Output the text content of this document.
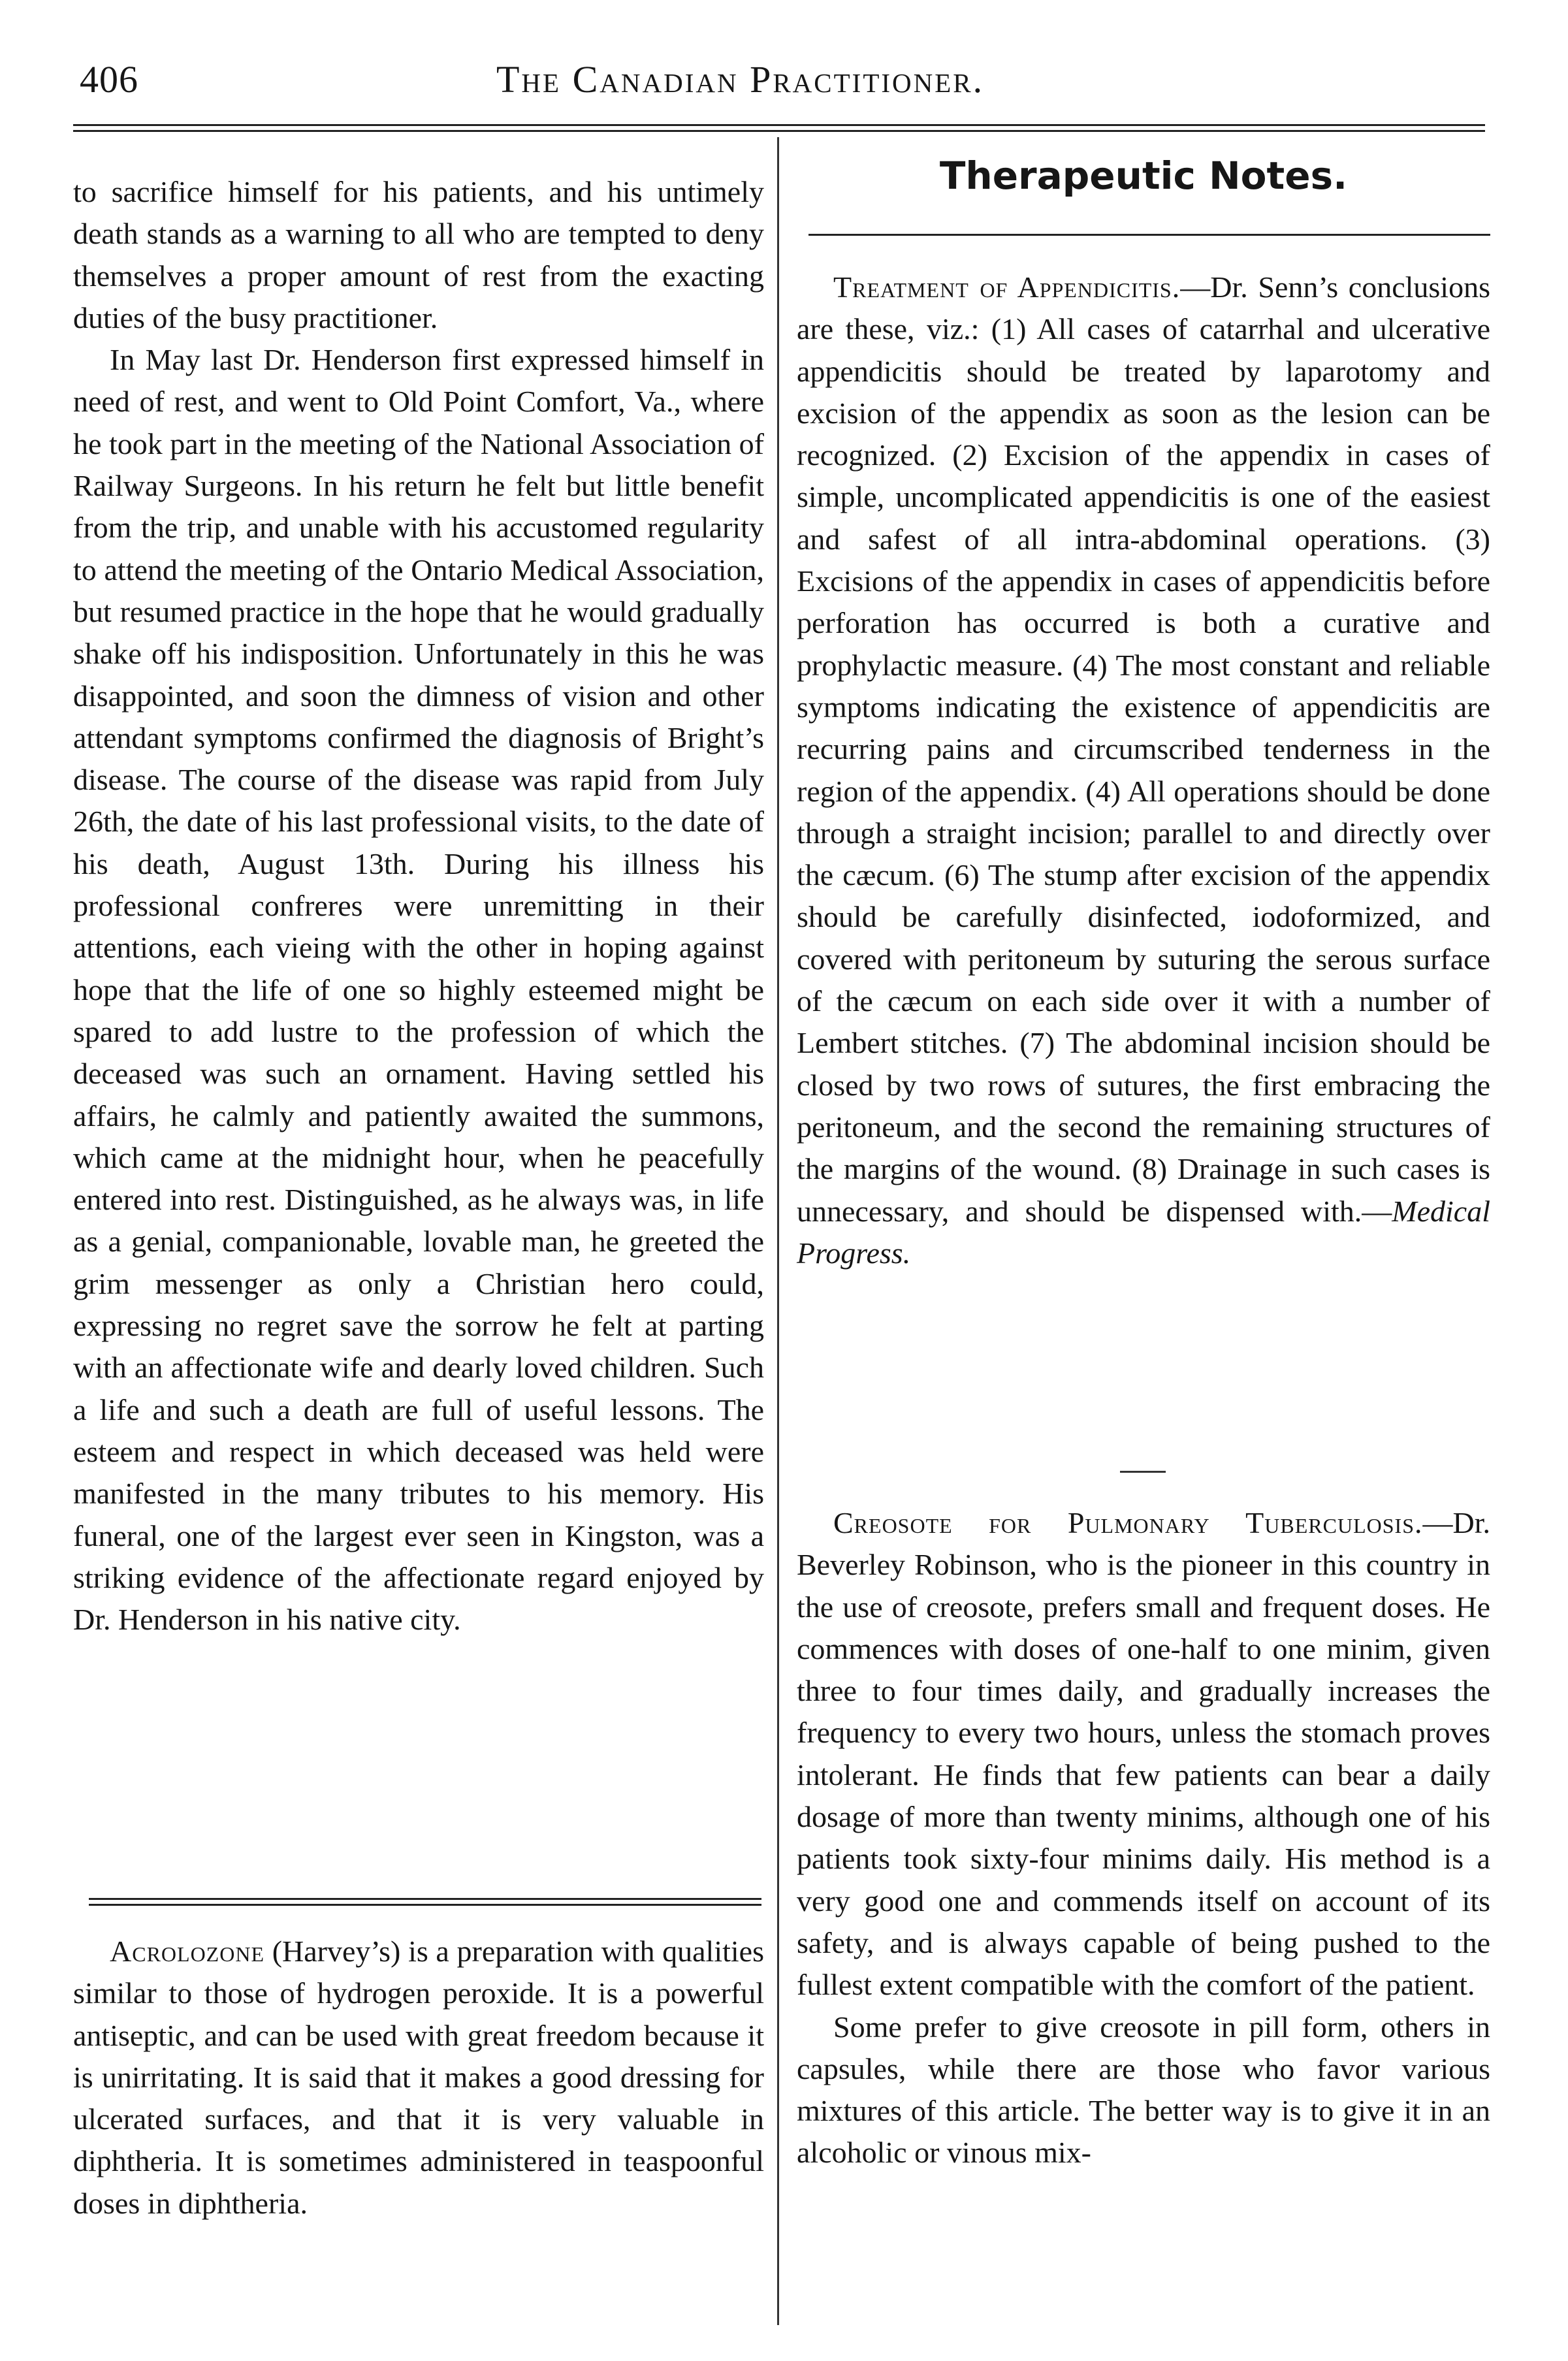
406	The Canadian Practitioner.

to sacrifice himself for his patients, and his untimely death stands as a warning to all who are tempted to deny themselves a proper amount of rest from the exacting duties of the busy practitioner.

In May last Dr. Henderson first expressed himself in need of rest, and went to Old Point Comfort, Va., where he took part in the meeting of the National Association of Railway Surgeons. In his return he felt but little benefit from the trip, and unable with his accustomed regularity to attend the meeting of the Ontario Medical Association, but resumed practice in the hope that he would gradually shake off his indisposition. Unfortunately in this he was disappointed, and soon the dimness of vision and other attendant symptoms confirmed the diagnosis of Bright’s disease. The course of the disease was rapid from July 26th, the date of his last professional visits, to the date of his death, August 13th. During his illness his professional confreres were unremitting in their attentions, each vieing with the other in hoping against hope that the life of one so highly esteemed might be spared to add lustre to the profession of which the deceased was such an ornament. Having settled his affairs, he calmly and patiently awaited the summons, which came at the midnight hour, when he peacefully entered into rest. Distinguished, as he always was, in life as a genial, companionable, lovable man, he greeted the grim messenger as only a Christian hero could, expressing no regret save the sorrow he felt at parting with an affectionate wife and dearly loved children. Such a life and such a death are full of useful lessons. The esteem and respect in which deceased was held were manifested in the many tributes to his memory. His funeral, one of the largest ever seen in Kingston, was a striking evidence of the affectionate regard enjoyed by Dr. Henderson in his native city.

Acrolozone (Harvey’s) is a preparation with qualities similar to those of hydrogen peroxide. It is a powerful antiseptic, and can be used with great freedom because it is unirritating. It is said that it makes a good dressing for ulcerated surfaces, and that it is very valuable in diphtheria. It is sometimes administered in teaspoonful doses in diphtheria.

Therapeutic Notes.

Treatment of Appendicitis.—Dr. Senn’s conclusions are these, viz.: (1) All cases of catarrhal and ulcerative appendicitis should be treated by laparotomy and excision of the appendix as soon as the lesion can be recognized. (2) Excision of the appendix in cases of simple, uncomplicated appendicitis is one of the easiest and safest of all intra-abdominal operations. (3) Excisions of the appendix in cases of appendicitis before perforation has occurred is both a curative and prophylactic measure. (4) The most constant and reliable symptoms indicating the existence of appendicitis are recurring pains and circumscribed tenderness in the region of the appendix. (4) All operations should be done through a straight incision; parallel to and directly over the cæcum. (6) The stump after excision of the appendix should be carefully disinfected, iodoformized, and covered with peritoneum by suturing the serous surface of the cæcum on each side over it with a number of Lembert stitches. (7) The abdominal incision should be closed by two rows of sutures, the first embracing the peritoneum, and the second the remaining structures of the margins of the wound. (8) Drainage in such cases is unnecessary, and should be dispensed with.—Medical Progress.

Creosote for Pulmonary Tuberculosis.—Dr. Beverley Robinson, who is the pioneer in this country in the use of creosote, prefers small and frequent doses. He commences with doses of one-half to one minim, given three to four times daily, and gradually increases the frequency to every two hours, unless the stomach proves intolerant. He finds that few patients can bear a daily dosage of more than twenty minims, although one of his patients took sixty-four minims daily. His method is a very good one and commends itself on account of its safety, and is always capable of being pushed to the fullest extent compatible with the comfort of the patient.

Some prefer to give creosote in pill form, others in capsules, while there are those who favor various mixtures of this article. The better way is to give it in an alcoholic or vinous mix-
